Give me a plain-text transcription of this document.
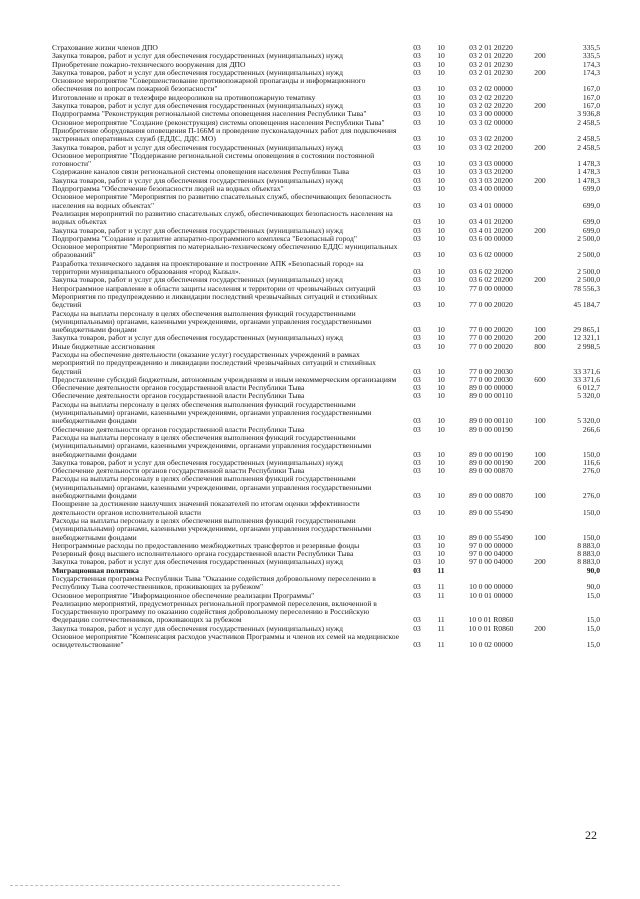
Страхование жизни членов ДПО	03	10	03 2 01 20220	335,5
Закупка товаров, работ и услуг для обеспечения государственных (муниципальных) нужд	03	10	03 2 01 20220	200	335,5
Приобретение пожарно-технического вооружения для ДПО	03	10	03 2 01 20230	174,3
Закупка товаров, работ и услуг для обеспечения государственных (муниципальных) нужд	03	10	03 2 01 20230	200	174,3
Основное мероприятие "Совершенствование противопожарной пропаганды и информационного обеспечения по вопросам пожарной безопасности"	03	10	03 2 02 00000	167,0
Изготовление и прокат в телеэфире видеороликов на противопожарную тематику	03	10	03 2 02 20220	167,0
Закупка товаров, работ и услуг для обеспечения государственных (муниципальных) нужд	03	10	03 2 02 20220	200	167,0
Подпрограмма "Реконструкция региональной системы оповещения населения Республики Тыва"	03	10	03 3 00 00000	3 936,8
Основное мероприятие "Создание (реконструкция) системы оповещения населения Республики Тыва"	03	10	03 3 02 00000	2 458,5
Приобретение оборудования оповещения П-166М и проведение пусконаладочных работ для подключения экстренных оперативных служб (ЕДДС, ДДС МО)	03	10	03 3 02 20200	2 458,5
Закупка товаров, работ и услуг для обеспечения государственных (муниципальных) нужд	03	10	03 3 02 20200	200	2 458,5
Основное мероприятие "Поддержание региональной системы оповещения в состоянии постоянной готовности"	03	10	03 3 03 00000	1 478,3
Содержание каналов связи региональной системы оповещения населения Республики Тыва	03	10	03 3 03 20200	1 478,3
Закупка товаров, работ и услуг для обеспечения государственных (муниципальных) нужд	03	10	03 3 03 20200	200	1 478,3
Подпрограмма "Обеспечение безопасности людей на водных объектах"	03	10	03 4 00 00000	699,0
Основное мероприятие "Мероприятия по развитию спасательных служб, обеспечивающих безопасность населения на водных объектах"	03	10	03 4 01 00000	699,0
Реализация мероприятий по развитию спасательных служб, обеспечивающих безопасность населения на водных объектах	03	10	03 4 01 20200	699,0
Закупка товаров, работ и услуг для обеспечения государственных (муниципальных) нужд	03	10	03 4 01 20200	200	699,0
Подпрограмма "Создание и развитие аппаратно-программного комплекса "Безопасный город"	03	10	03 6 00 00000	2 500,0
Основное мероприятие "Мероприятия по материально-техническому обеспечению ЕДДС муниципальных образований"	03	10	03 6 02 00000	2 500,0
Разработка технического задания на проектирование и построение АПК «Безопасный город» на территории муниципального образования «город Кызыл».	03	10	03 6 02 20200	2 500,0
Закупка товаров, работ и услуг для обеспечения государственных (муниципальных) нужд	03	10	03 6 02 20200	200	2 500,0
Непрограммное направление в области защиты населения и территории от чрезвычайных ситуаций	03	10	77 0 00 00000	78 556,3
Мероприятия по предупреждению и ликвидации последствий чрезвычайных ситуаций и стихийных бедствий	03	10	77 0 00 20020	45 184,7
Расходы на выплаты персоналу в целях обеспечения выполнения функций государственными (муниципальными) органами, казенными учреждениями, органами управления государственными внебюджетными фондами	03	10	77 0 00 20020	100	29 865,1
Закупка товаров, работ и услуг для обеспечения государственных (муниципальных) нужд	03	10	77 0 00 20020	200	12 321,1
Иные бюджетные ассигнования	03	10	77 0 00 20020	800	2 998,5
Расходы на обеспечение деятельности (оказание услуг) государственных учреждений в рамках мероприятий по предупреждению и ликвидации последствий чрезвычайных ситуаций и стихийных бедствий	03	10	77 0 00 20030	33 371,6
Предоставление субсидий бюджетным, автономным учреждениям и иным некоммерческим организациям	03	10	77 0 00 20030	600	33 371,6
Обеспечение деятельности органов государственной власти Республики Тыва	03	10	89 0 00 00000	6 012,7
Обеспечение деятельности органов государственной власти Республики Тыва	03	10	89 0 00 00110	5 320,0
Расходы на выплаты персоналу в целях обеспечения выполнения функций государственными (муниципальными) органами, казенными учреждениями, органами управления государственными внебюджетными фондами	03	10	89 0 00 00110	100	5 320,0
Обеспечение деятельности органов государственной власти Республики Тыва	03	10	89 0 00 00190	266,6
Расходы на выплаты персоналу в целях обеспечения выполнения функций государственными (муниципальными) органами, казенными учреждениями, органами управления государственными внебюджетными фондами	03	10	89 0 00 00190	100	150,0
Закупка товаров, работ и услуг для обеспечения государственных (муниципальных) нужд	03	10	89 0 00 00190	200	116,6
Обеспечение деятельности органов государственной власти Республики Тыва	03	10	89 0 00 00870	276,0
Расходы на выплаты персоналу в целях обеспечения выполнения функций государственными (муниципальными) органами, казенными учреждениями, органами управления государственными внебюджетными фондами	03	10	89 0 00 00870	100	276,0
Поощрение за достижение наилучших значений показателей по итогам оценки эффективности деятельности органов исполнительной власти	03	10	89 0 00 55490	150,0
Расходы на выплаты персоналу в целях обеспечения выполнения функций государственными (муниципальными) органами, казенными учреждениями, органами управления государственными внебюджетными фондами	03	10	89 0 00 55490	100	150,0
Непрограммные расходы по предоставлению межбюджетных трансфертов и резервные фонды	03	10	97 0 00 00000	8 883,0
Резервный фонд высшего исполнительного органа государственной власти Республики Тыва	03	10	97 0 00 04000	8 883,0
Закупка товаров, работ и услуг для обеспечения государственных (муниципальных) нужд	03	10	97 0 00 04000	200	8 883,0
Миграционная политика	03	11	90,0
Государственная программа Республики Тыва "Оказание содействия добровольному переселению в Республику Тыва соотечественников, проживающих за рубежом"	03	11	10 0 00 00000	90,0
Основное мероприятие "Информационное обеспечение реализации Программы"	03	11	10 0 01 00000	15,0
Реализацию мероприятий, предусмотренных региональной программой переселения, включенной в Государственную программу по оказанию содействия добровольному переселению в Российскую Федерацию соотечественников, проживающих за рубежом	03	11	10 0 01 R0860	15,0
Закупка товаров, работ и услуг для обеспечения государственных (муниципальных) нужд	03	11	10 0 01 R0860	200	15,0
Основное мероприятие "Компенсация расходов участников Программы и членов их семей на медицинское освидетельствование"	03	11	10 0 02 00000	15,0
22
